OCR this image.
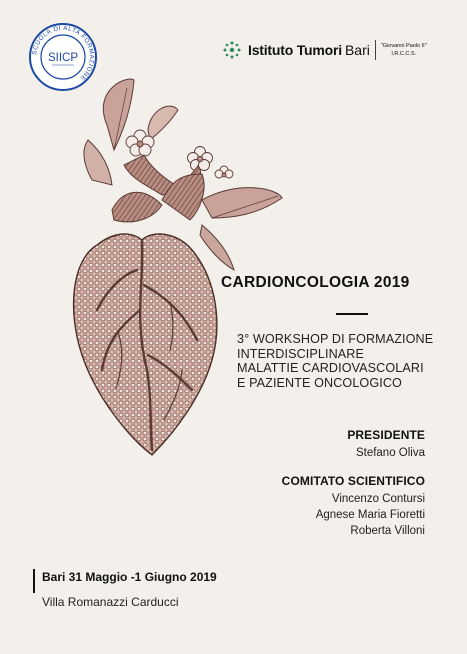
SCUOLA DI ALTA FORMAZIONE
SIICP	Istituto Tumori Bari "Giovanni Paolo II"
I.R.C.C.S.
CARDIONCOLOGIA 2019
3° WORKSHOP DI FORMAZIONE
INTERDISCIPLINARE
MALATTIE CARDIOVASCOLARI
E PAZIENTE ONCOLOGICO
PRESIDENTE
Stefano Oliva
COMITATO SCIENTIFICO
Vincenzo Contursi
Agnese Maria Fioretti
Roberta Villoni
Bari 31 Maggio -1 Giugno 2019
Villa Romanazzi Carducci
